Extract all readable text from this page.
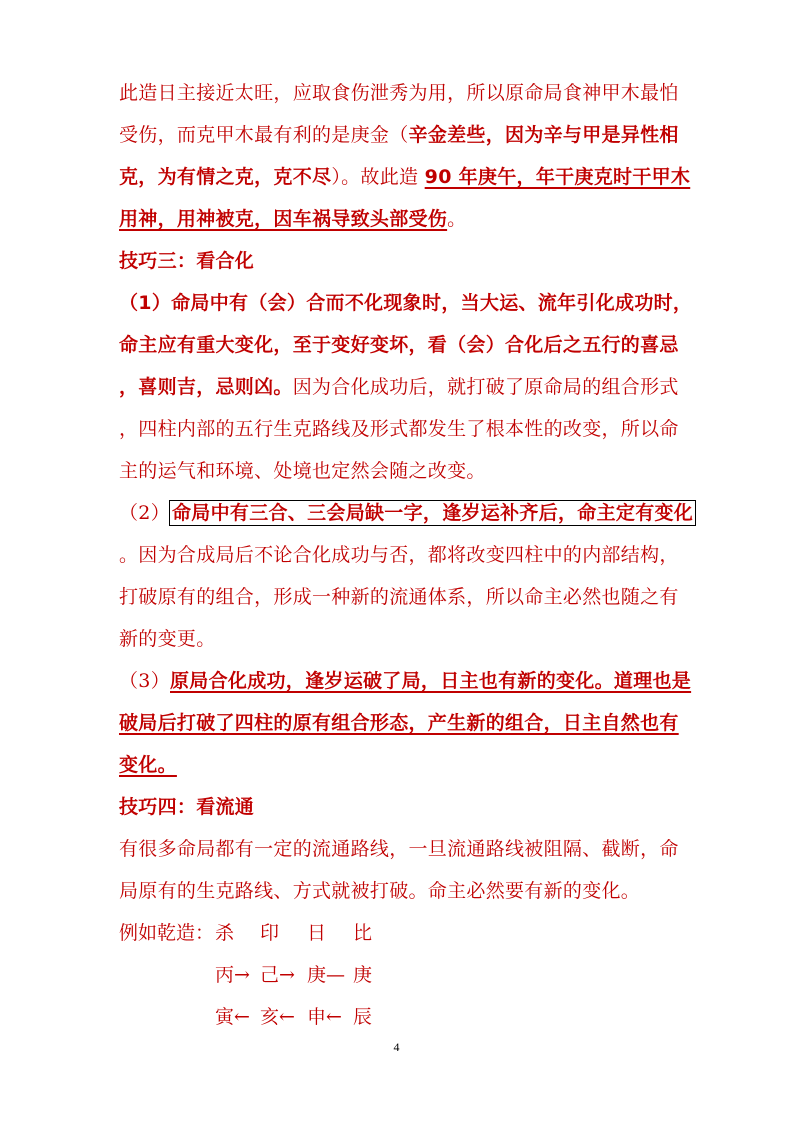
此造日主接近太旺，应取食伤泄秀为用，所以原命局食神甲木最怕
受伤，而克甲木最有利的是庚金（辛金差些，因为辛与甲是异性相
克，为有情之克，克不尽）。故此造 90 年庚午，年干庚克时干甲木
用神，用神被克，因车祸导致头部受伤。
技巧三：看合化
（1）命局中有（会）合而不化现象时，当大运、流年引化成功时，
命主应有重大变化，至于变好变坏，看（会）合化后之五行的喜忌
，喜则吉，忌则凶。因为合化成功后，就打破了原命局的组合形式
，四柱内部的五行生克路线及形式都发生了根本性的改变，所以命
主的运气和环境、处境也定然会随之改变。
（2） 命局中有三合、三会局缺一字，逢岁运补齐后，命主定有变化
。因为合成局后不论合化成功与否，都将改变四柱中的内部结构，
打破原有的组合，形成一种新的流通体系，所以命主必然也随之有
新的变更。
（3）原局合化成功，逢岁运破了局，日主也有新的变化。道理也是
破局后打破了四柱的原有组合形态，产生新的组合，日主自然也有
变化。
技巧四：看流通
有很多命局都有一定的流通路线，一旦流通路线被阻隔、截断，命
局原有的生克路线、方式就被打破。命主必然要有新的变化。
例如乾造： 杀 印 日 比
丙→ 己→ 庚— 庚
寅← 亥← 申← 辰
4
